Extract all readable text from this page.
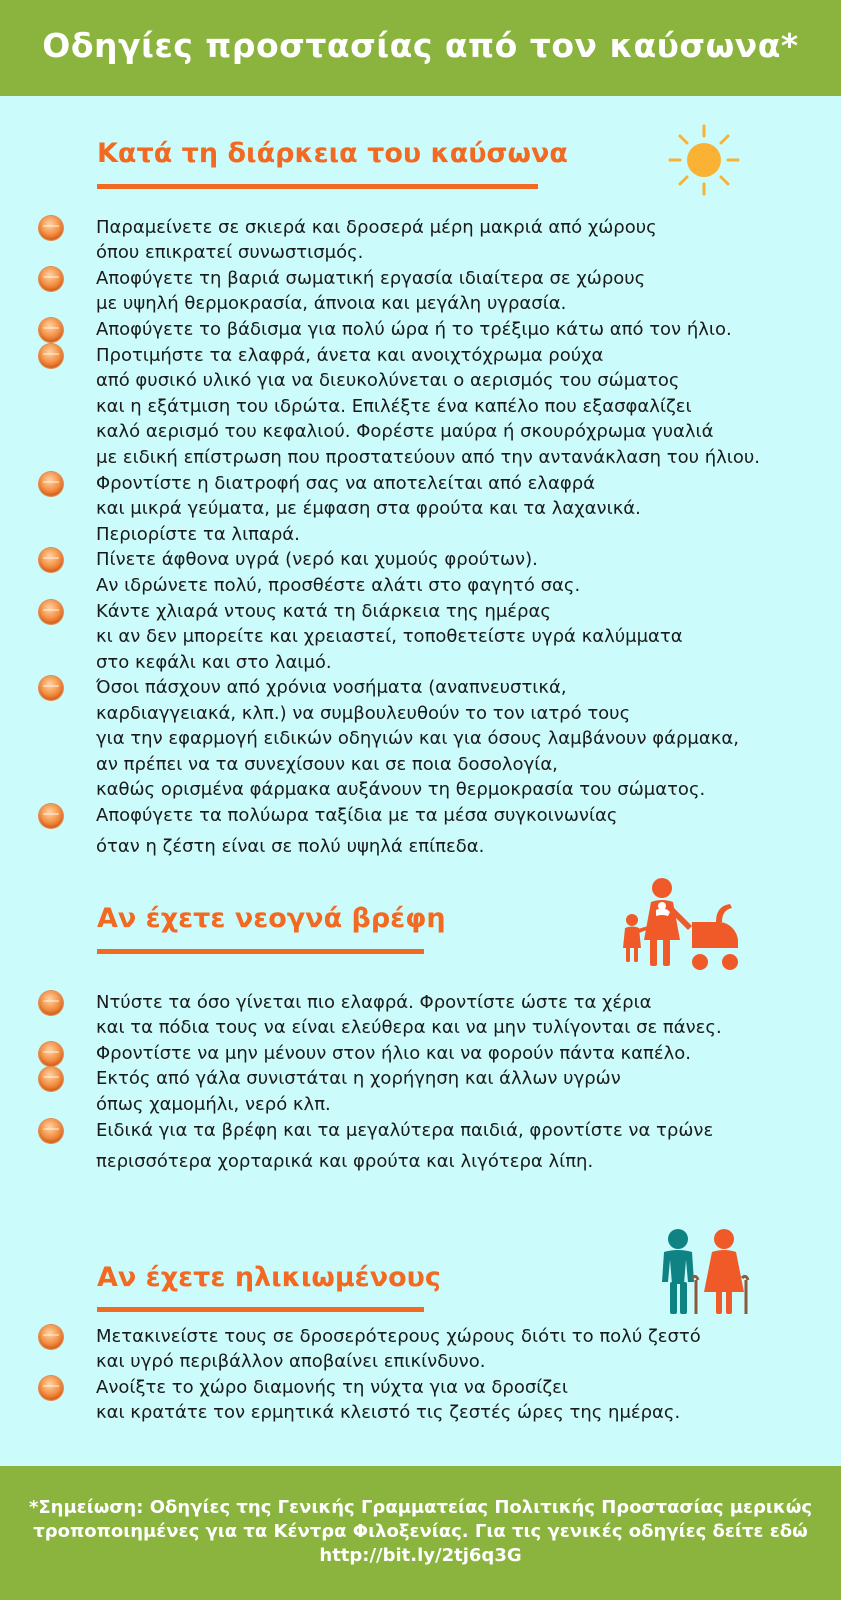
Οδηγίες προστασίας από τον καύσωνα*
Κατά τη διάρκεια του καύσωνα
Παραμείνετε σε σκιερά και δροσερά μέρη μακριά από χώρους
όπου επικρατεί συνωστισμός.
Αποφύγετε τη βαριά σωματική εργασία ιδιαίτερα σε χώρους
με υψηλή θερμοκρασία, άπνοια και μεγάλη υγρασία.
Αποφύγετε το βάδισμα για πολύ ώρα ή το τρέξιμο κάτω από τον ήλιο.
Προτιμήστε τα ελαφρά, άνετα και ανοιχτόχρωμα ρούχα
από φυσικό υλικό για να διευκολύνεται ο αερισμός του σώματος
και η εξάτμιση του ιδρώτα. Επιλέξτε ένα καπέλο που εξασφαλίζει
καλό αερισμό του κεφαλιού. Φορέστε μαύρα ή σκουρόχρωμα γυαλιά
με ειδική επίστρωση που προστατεύουν από την αντανάκλαση του ήλιου.
Φροντίστε η διατροφή σας να αποτελείται από ελαφρά
και μικρά γεύματα, με έμφαση στα φρούτα και τα λαχανικά.
Περιορίστε τα λιπαρά.
Πίνετε άφθονα υγρά (νερό και χυμούς φρούτων).
Αν ιδρώνετε πολύ, προσθέστε αλάτι στο φαγητό σας.
Κάντε χλιαρά ντους κατά τη διάρκεια της ημέρας
κι αν δεν μπορείτε και χρειαστεί, τοποθετείστε υγρά καλύμματα
στο κεφάλι και στο λαιμό.
Όσοι πάσχουν από χρόνια νοσήματα (αναπνευστικά,
καρδιαγγειακά, κλπ.) να συμβουλευθούν το τον ιατρό τους
για την εφαρμογή ειδικών οδηγιών και για όσους λαμβάνουν φάρμακα,
αν πρέπει να τα συνεχίσουν και σε ποια δοσολογία,
καθώς ορισμένα φάρμακα αυξάνουν τη θερμοκρασία του σώματος.
Αποφύγετε τα πολύωρα ταξίδια με τα μέσα συγκοινωνίας
όταν η ζέστη είναι σε πολύ υψηλά επίπεδα.
Αν έχετε νεογνά βρέφη
Ντύστε τα όσο γίνεται πιο ελαφρά. Φροντίστε ώστε τα χέρια
και τα πόδια τους να είναι ελεύθερα και να μην τυλίγονται σε πάνες.
Φροντίστε να μην μένουν στον ήλιο και να φορούν πάντα καπέλο.
Εκτός από γάλα συνιστάται η χορήγηση και άλλων υγρών
όπως χαμομήλι, νερό κλπ.
Ειδικά για τα βρέφη και τα μεγαλύτερα παιδιά, φροντίστε να τρώνε
περισσότερα χορταρικά και φρούτα και λιγότερα λίπη.
Αν έχετε ηλικιωμένους
Μετακινείστε τους σε δροσερότερους χώρους διότι το πολύ ζεστό
και υγρό περιβάλλον αποβαίνει επικίνδυνο.
Ανοίξτε το χώρο διαμονής τη νύχτα για να δροσίζει
και κρατάτε τον ερμητικά κλειστό τις ζεστές ώρες της ημέρας.

*Σημείωση: Οδηγίες της Γενικής Γραμματείας Πολιτικής Προστασίας μερικώς
τροποποιημένες για τα Κέντρα Φιλοξενίας. Για τις γενικές οδηγίες δείτε εδώ
http://bit.ly/2tj6q3G
